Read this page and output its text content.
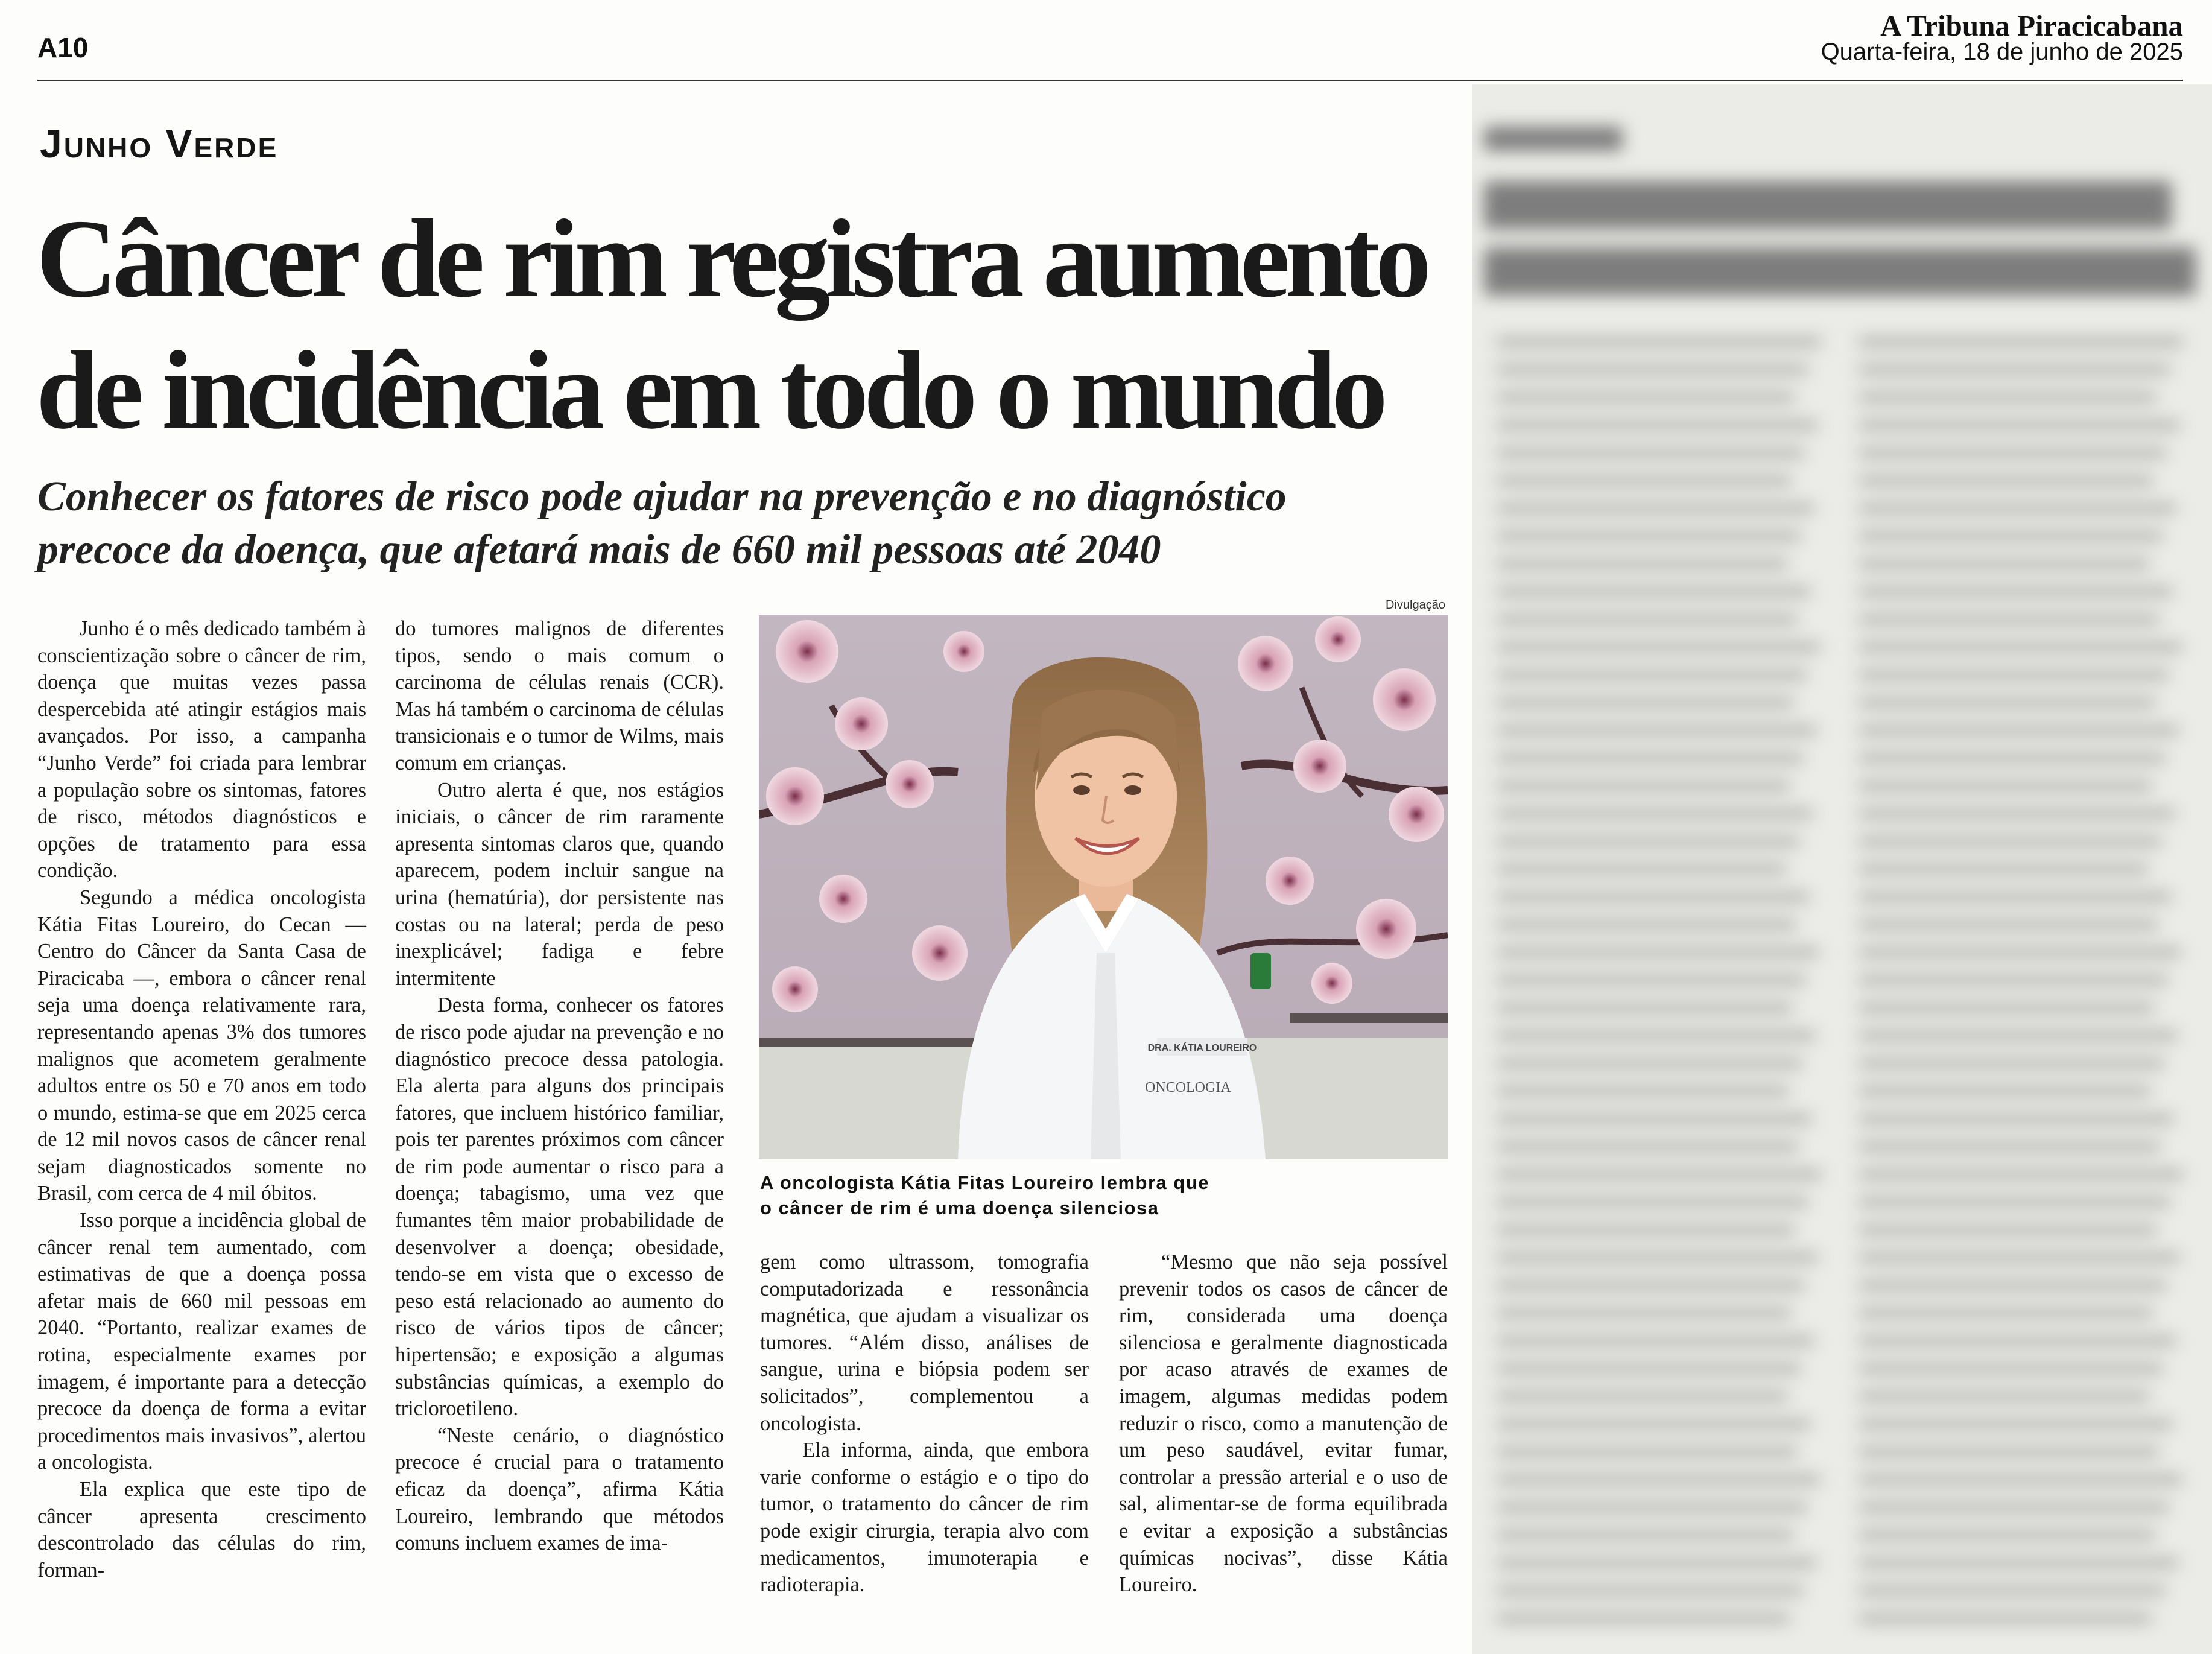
A10
A Tribuna Piracicabana
Quarta-feira, 18 de junho de 2025
Junho Verde
Câncer de rim registra aumento
de incidência em todo o mundo
Conhecer os fatores de risco pode ajudar na prevenção e no diagnóstico
precoce da doença, que afetará mais de 660 mil pessoas até 2040

Junho é o mês dedicado também à conscientização sobre o câncer de rim, doença que muitas vezes passa despercebida até atingir estágios mais avançados. Por isso, a campanha “Junho Verde” foi criada para lembrar a população sobre os sintomas, fatores de risco, métodos diagnósticos e opções de tratamento para essa condição.

Segundo a médica oncologista Kátia Fitas Loureiro, do Cecan — Centro do Câncer da Santa Casa de Piracicaba —, embora o câncer renal seja uma doença relativamente rara, representando apenas 3% dos tumores malignos que acometem geralmente adultos entre os 50 e 70 anos em todo o mundo, estima-se que em 2025 cerca de 12 mil novos casos de câncer renal sejam diagnosticados somente no Brasil, com cerca de 4 mil óbitos.

Isso porque a incidência global de câncer renal tem aumentado, com estimativas de que a doença possa afetar mais de 660 mil pessoas em 2040. “Portanto, realizar exames de rotina, especialmente exames por imagem, é importante para a detecção precoce da doença de forma a evitar procedimentos mais invasivos”, alertou a oncologista.

Ela explica que este tipo de câncer apresenta crescimento descontrolado das células do rim, forman-

do tumores malignos de diferentes tipos, sendo o mais comum o carcinoma de células renais (CCR). Mas há também o carcinoma de células transicionais e o tumor de Wilms, mais comum em crianças.

Outro alerta é que, nos estágios iniciais, o câncer de rim raramente apresenta sintomas claros que, quando aparecem, podem incluir sangue na urina (hematúria), dor persistente nas costas ou na lateral; perda de peso inexplicável; fadiga e febre intermitente

Desta forma, conhecer os fatores de risco pode ajudar na prevenção e no diagnóstico precoce dessa patologia. Ela alerta para alguns dos principais fatores, que incluem histórico familiar, pois ter parentes próximos com câncer de rim pode aumentar o risco para a doença; tabagismo, uma vez que fumantes têm maior probabilidade de desenvolver a doença; obesidade, tendo-se em vista que o excesso de peso está relacionado ao aumento do risco de vários tipos de câncer; hipertensão; e exposição a algumas substâncias químicas, a exemplo do tricloroetileno.

“Neste cenário, o diagnóstico precoce é crucial para o tratamento eficaz da doença”, afirma Kátia Loureiro, lembrando que métodos comuns incluem exames de ima-

gem como ultrassom, tomografia computadorizada e ressonância magnética, que ajudam a visualizar os tumores. “Além disso, análises de sangue, urina e biópsia podem ser solicitados”, complementou a oncologista.

Ela informa, ainda, que embora varie conforme o estágio e o tipo do tumor, o tratamento do câncer de rim pode exigir cirurgia, terapia alvo com medicamentos, imunoterapia e radioterapia.

“Mesmo que não seja possível prevenir todos os casos de câncer de rim, considerada uma doença silenciosa e geralmente diagnosticada por acaso através de exames de imagem, algumas medidas podem reduzir o risco, como a manutenção de um peso saudável, evitar fumar, controlar a pressão arterial e o uso de sal, alimentar-se de forma equilibrada e evitar a exposição a substâncias químicas nocivas”, disse Kátia Loureiro.

Divulgação
DRA. KÁTIA LOUREIRO
ONCOLOGIA
A oncologista Kátia Fitas Loureiro lembra que
o câncer de rim é uma doença silenciosa
